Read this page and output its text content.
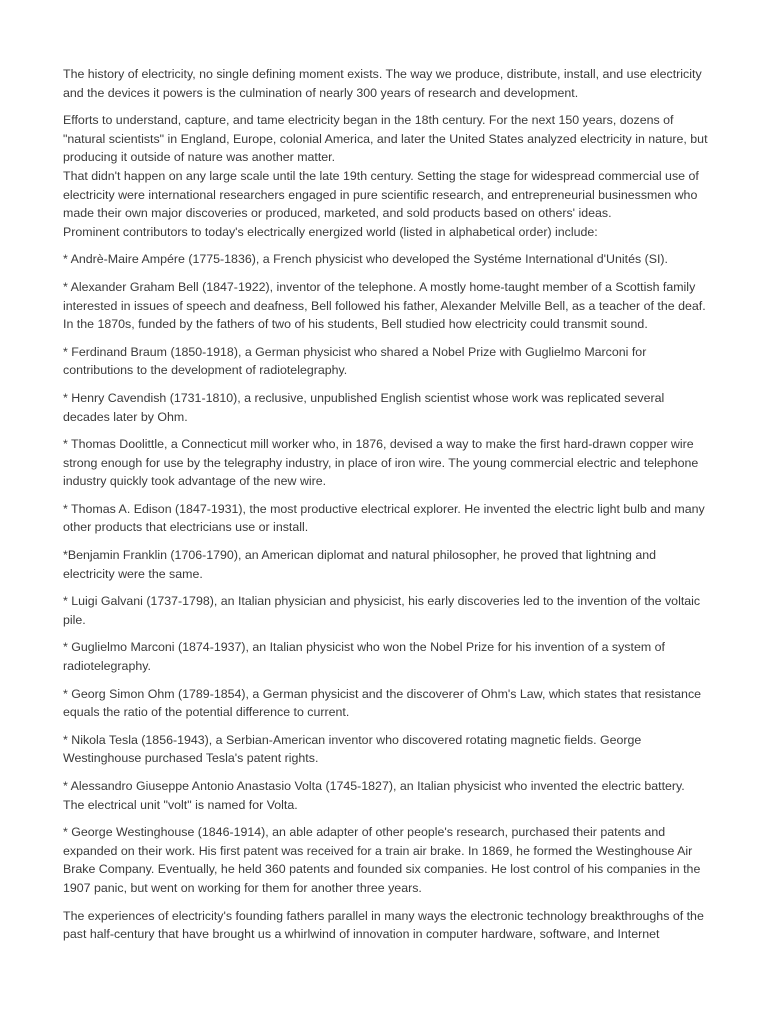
The history of electricity, no single defining moment exists. The way we produce, distribute, install, and use electricity and the devices it powers is the culmination of nearly 300 years of research and development.

Efforts to understand, capture, and tame electricity began in the 18th century. For the next 150 years, dozens of "natural scientists" in England, Europe, colonial America, and later the United States analyzed electricity in nature, but producing it outside of nature was another matter.

That didn't happen on any large scale until the late 19th century. Setting the stage for widespread commercial use of electricity were international researchers engaged in pure scientific research, and entrepreneurial businessmen who made their own major discoveries or produced, marketed, and sold products based on others' ideas.

Prominent contributors to today's electrically energized world (listed in alphabetical order) include:

* Andrè-Maire Ampére (1775-1836), a French physicist who developed the Systéme International d'Unités (SI).

* Alexander Graham Bell (1847-1922), inventor of the telephone. A mostly home-taught member of a Scottish family interested in issues of speech and deafness, Bell followed his father, Alexander Melville Bell, as a teacher of the deaf. In the 1870s, funded by the fathers of two of his students, Bell studied how electricity could transmit sound.

* Ferdinand Braum (1850-1918), a German physicist who shared a Nobel Prize with Guglielmo Marconi for contributions to the development of radiotelegraphy.

* Henry Cavendish (1731-1810), a reclusive, unpublished English scientist whose work was replicated several decades later by Ohm.

* Thomas Doolittle, a Connecticut mill worker who, in 1876, devised a way to make the first hard-drawn copper wire strong enough for use by the telegraphy industry, in place of iron wire. The young commercial electric and telephone industry quickly took advantage of the new wire.

* Thomas A. Edison (1847-1931), the most productive electrical explorer. He invented the electric light bulb and many other products that electricians use or install.

*Benjamin Franklin (1706-1790), an American diplomat and natural philosopher, he proved that lightning and electricity were the same.

* Luigi Galvani (1737-1798), an Italian physician and physicist, his early discoveries led to the invention of the voltaic pile.

* Guglielmo Marconi (1874-1937), an Italian physicist who won the Nobel Prize for his invention of a system of radiotelegraphy.

* Georg Simon Ohm (1789-1854), a German physicist and the discoverer of Ohm's Law, which states that resistance equals the ratio of the potential difference to current.

* Nikola Tesla (1856-1943), a Serbian-American inventor who discovered rotating magnetic fields. George Westinghouse purchased Tesla's patent rights.

* Alessandro Giuseppe Antonio Anastasio Volta (1745-1827), an Italian physicist who invented the electric battery. The electrical unit "volt" is named for Volta.

* George Westinghouse (1846-1914), an able adapter of other people's research, purchased their patents and expanded on their work. His first patent was received for a train air brake. In 1869, he formed the Westinghouse Air Brake Company. Eventually, he held 360 patents and founded six companies. He lost control of his companies in the 1907 panic, but went on working for them for another three years.

The experiences of electricity's founding fathers parallel in many ways the electronic technology breakthroughs of the past half-century that have brought us a whirlwind of innovation in computer hardware, software, and Internet
